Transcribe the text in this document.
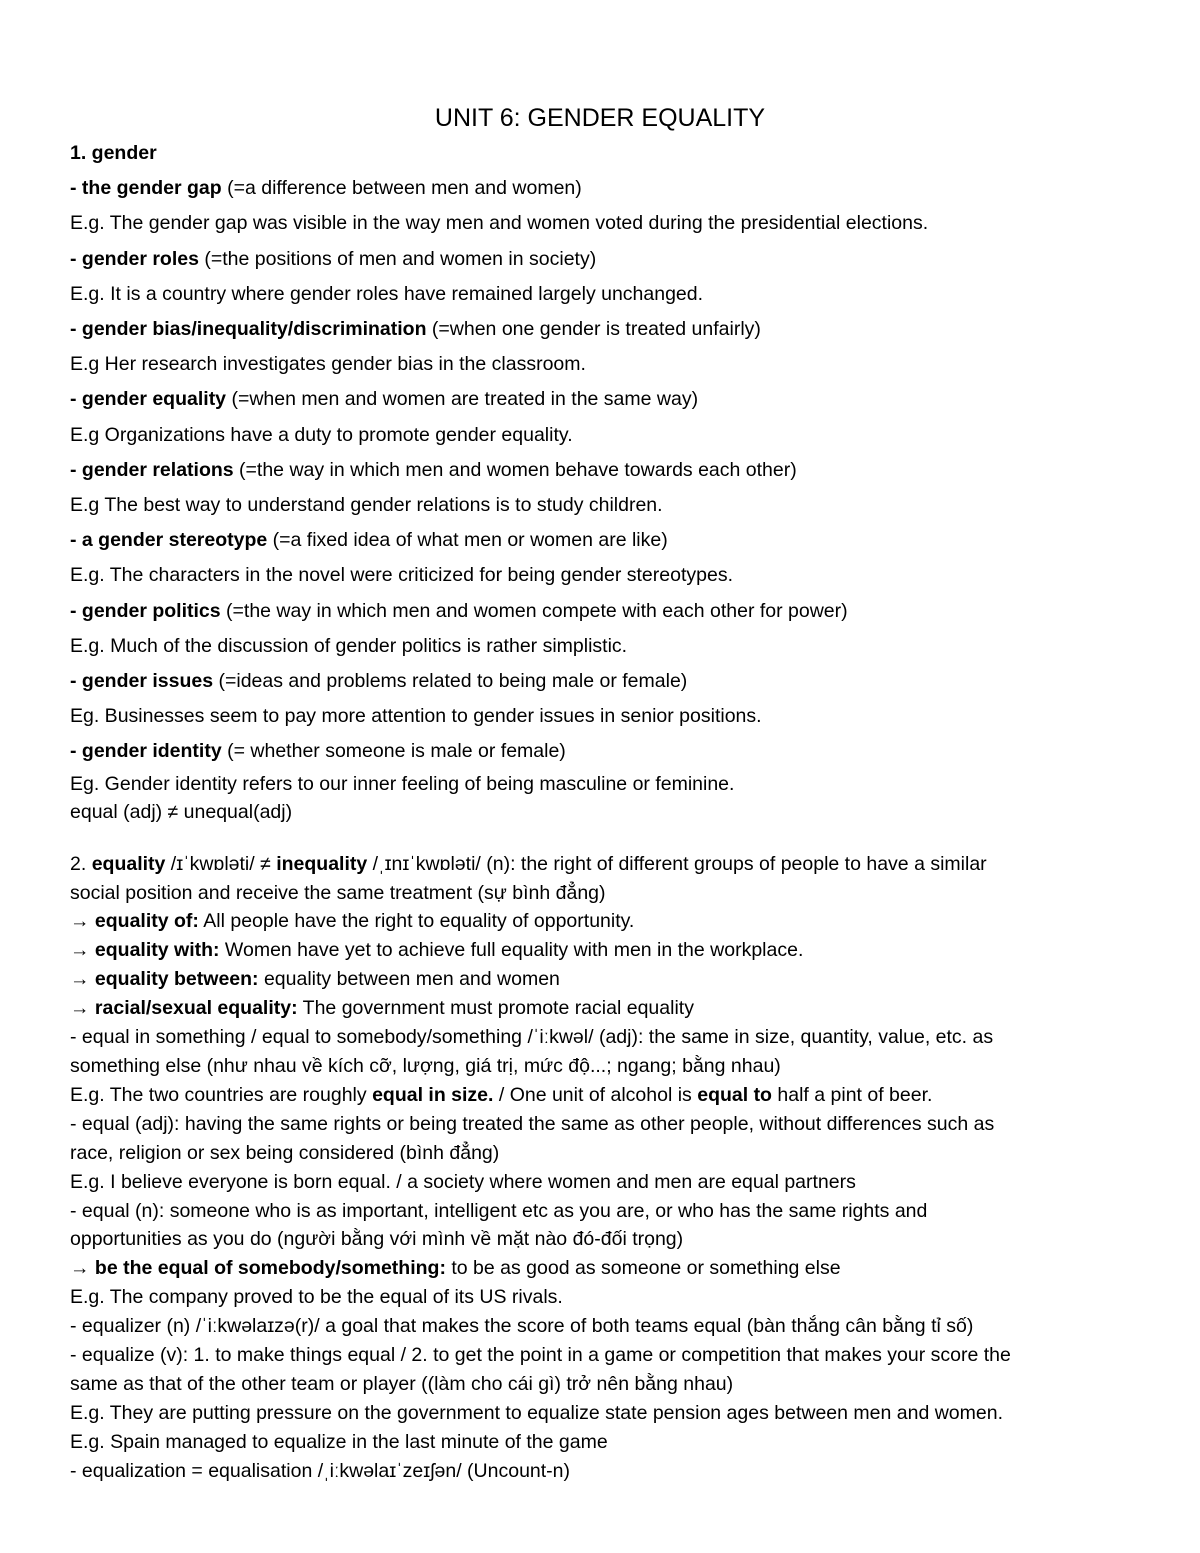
UNIT 6: GENDER EQUALITY
1. gender
- the gender gap (=a difference between men and women)
E.g. The gender gap was visible in the way men and women voted during the presidential elections.
- gender roles (=the positions of men and women in society)
E.g. It is a country where gender roles have remained largely unchanged.
- gender bias/inequality/discrimination (=when one gender is treated unfairly)
E.g Her research investigates gender bias in the classroom.
- gender equality (=when men and women are treated in the same way)
E.g Organizations have a duty to promote gender equality.
- gender relations (=the way in which men and women behave towards each other)
E.g The best way to understand gender relations is to study children.
- a gender stereotype (=a fixed idea of what men or women are like)
E.g. The characters in the novel were criticized for being gender stereotypes.
- gender politics (=the way in which men and women compete with each other for power)
E.g. Much of the discussion of gender politics is rather simplistic.
- gender issues (=ideas and problems related to being male or female)
Eg. Businesses seem to pay more attention to gender issues in senior positions.
- gender identity (= whether someone is male or female)
Eg. Gender identity refers to our inner feeling of being masculine or feminine.
equal (adj) ≠ unequal(adj)
2. equality /ɪˈkwɒləti/ ≠ inequality /ˌɪnɪˈkwɒləti/ (n): the right of different groups of people to have a similar
social position and receive the same treatment (sự bình đẳng)
→ equality of: All people have the right to equality of opportunity.
→ equality with: Women have yet to achieve full equality with men in the workplace.
→ equality between: equality between men and women
→ racial/sexual equality: The government must promote racial equality
- equal in something / equal to somebody/something /ˈiːkwəl/ (adj): the same in size, quantity, value, etc. as
something else (như nhau về kích cỡ, lượng, giá trị, mức độ...; ngang; bằng nhau)
E.g. The two countries are roughly equal in size. / One unit of alcohol is equal to half a pint of beer.
- equal (adj): having the same rights or being treated the same as other people, without differences such as
race, religion or sex being considered (bình đẳng)
E.g. I believe everyone is born equal. / a society where women and men are equal partners
- equal (n): someone who is as important, intelligent etc as you are, or who has the same rights and
opportunities as you do (người bằng với mình về mặt nào đó-đối trọng)
→ be the equal of somebody/something: to be as good as someone or something else
E.g. The company proved to be the equal of its US rivals.
- equalizer (n) /ˈiːkwəlaɪzə(r)/ a goal that makes the score of both teams equal (bàn thắng cân bằng tỉ số)
- equalize (v): 1. to make things equal / 2. to get the point in a game or competition that makes your score the
same as that of the other team or player ((làm cho cái gì) trở nên bằng nhau)
E.g. They are putting pressure on the government to equalize state pension ages between men and women.
E.g. Spain managed to equalize in the last minute of the game
- equalization = equalisation /ˌiːkwəlaɪˈzeɪʃən/ (Uncount-n)
